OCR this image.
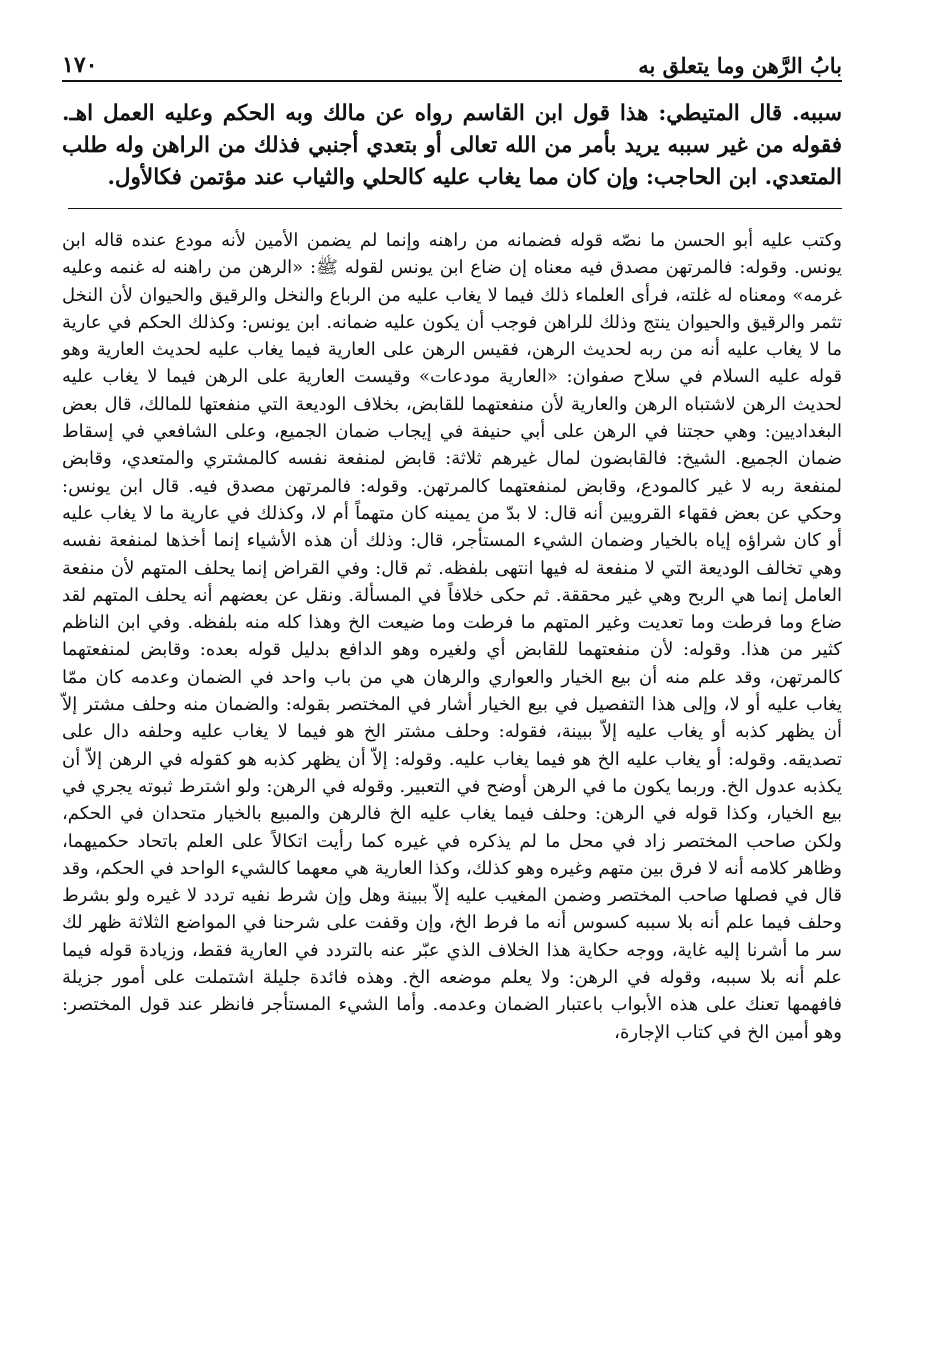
بابُ الرَّهن وما يتعلق به
١٧٠

سببه. قال المتيطي: هذا قول ابن القاسم رواه عن مالك وبه الحكم وعليه العمل اهـ. فقوله من غير سببه يريد بأمر من الله تعالى أو بتعدي أجنبي فذلك من الراهن وله طلب المتعدي. ابن الحاجب: وإن كان مما يغاب عليه كالحلي والثياب عند مؤتمن فكالأول.

وكتب عليه أبو الحسن ما نصّه قوله فضمانه من راهنه وإنما لم يضمن الأمين لأنه مودع عنده قاله ابن يونس. وقوله: فالمرتهن مصدق فيه معناه إن ضاع ابن يونس لقوله ﷺ: «الرهن من راهنه له غنمه وعليه غرمه» ومعناه له غلته، فرأى العلماء ذلك فيما لا يغاب عليه من الرباع والنخل والرقيق والحيوان لأن النخل تثمر والرقيق والحيوان ينتج وذلك للراهن فوجب أن يكون عليه ضمانه. ابن يونس: وكذلك الحكم في عارية ما لا يغاب عليه أنه من ربه لحديث الرهن، فقيس الرهن على العارية فيما يغاب عليه لحديث العارية وهو قوله عليه السلام في سلاح صفوان: «العارية مودعات» وقيست العارية على الرهن فيما لا يغاب عليه لحديث الرهن لاشتباه الرهن والعارية لأن منفعتهما للقابض، بخلاف الوديعة التي منفعتها للمالك، قال بعض البغداديين: وهي حجتنا في الرهن على أبي حنيفة في إيجاب ضمان الجميع، وعلى الشافعي في إسقاط ضمان الجميع. الشيخ: فالقابضون لمال غيرهم ثلاثة: قابض لمنفعة نفسه كالمشتري والمتعدي، وقابض لمنفعة ربه لا غير كالمودع، وقابض لمنفعتهما كالمرتهن. وقوله: فالمرتهن مصدق فيه. قال ابن يونس: وحكي عن بعض فقهاء القرويين أنه قال: لا بدّ من يمينه كان متهماً أم لا، وكذلك في عارية ما لا يغاب عليه أو كان شراؤه إياه بالخيار وضمان الشيء المستأجر، قال: وذلك أن هذه الأشياء إنما أخذها لمنفعة نفسه وهي تخالف الوديعة التي لا منفعة له فيها انتهى بلفظه. ثم قال: وفي القراض إنما يحلف المتهم لأن منفعة العامل إنما هي الربح وهي غير محققة. ثم حكى خلافاً في المسألة. ونقل عن بعضهم أنه يحلف المتهم لقد ضاع وما فرطت وما تعديت وغير المتهم ما فرطت وما ضيعت الخ وهذا كله منه بلفظه. وفي ابن الناظم كثير من هذا. وقوله: لأن منفعتهما للقابض أي ولغيره وهو الدافع بدليل قوله بعده: وقابض لمنفعتهما كالمرتهن، وقد علم منه أن بيع الخيار والعواري والرهان هي من باب واحد في الضمان وعدمه كان ممّا يغاب عليه أو لا، وإلى هذا التفصيل في بيع الخيار أشار في المختصر بقوله: والضمان منه وحلف مشتر إلاّ أن يظهر كذبه أو يغاب عليه إلاّ ببينة، فقوله: وحلف مشتر الخ هو فيما لا يغاب عليه وحلفه دال على تصديقه. وقوله: أو يغاب عليه الخ هو فيما يغاب عليه. وقوله: إلاّ أن يظهر كذبه هو كقوله في الرهن إلاّ أن يكذبه عدول الخ. وربما يكون ما في الرهن أوضح في التعبير. وقوله في الرهن: ولو اشترط ثبوته يجري في بيع الخيار، وكذا قوله في الرهن: وحلف فيما يغاب عليه الخ فالرهن والمبيع بالخيار متحدان في الحكم، ولكن صاحب المختصر زاد في محل ما لم يذكره في غيره كما رأيت اتكالاً على العلم باتحاد حكميهما، وظاهر كلامه أنه لا فرق بين متهم وغيره وهو كذلك، وكذا العارية هي معهما كالشيء الواحد في الحكم، وقد قال في فصلها صاحب المختصر وضمن المغيب عليه إلاّ ببينة وهل وإن شرط نفيه تردد لا غيره ولو بشرط وحلف فيما علم أنه بلا سببه كسوس أنه ما فرط الخ، وإن وقفت على شرحنا في المواضع الثلاثة ظهر لك سر ما أشرنا إليه غاية، ووجه حكاية هذا الخلاف الذي عبّر عنه بالتردد في العارية فقط، وزيادة قوله فيما علم أنه بلا سببه، وقوله في الرهن: ولا يعلم موضعه الخ. وهذه فائدة جليلة اشتملت على أمور جزيلة فافهمها تعنك على هذه الأبواب باعتبار الضمان وعدمه. وأما الشيء المستأجر فانظر عند قول المختصر: وهو أمين الخ في كتاب الإجارة،
